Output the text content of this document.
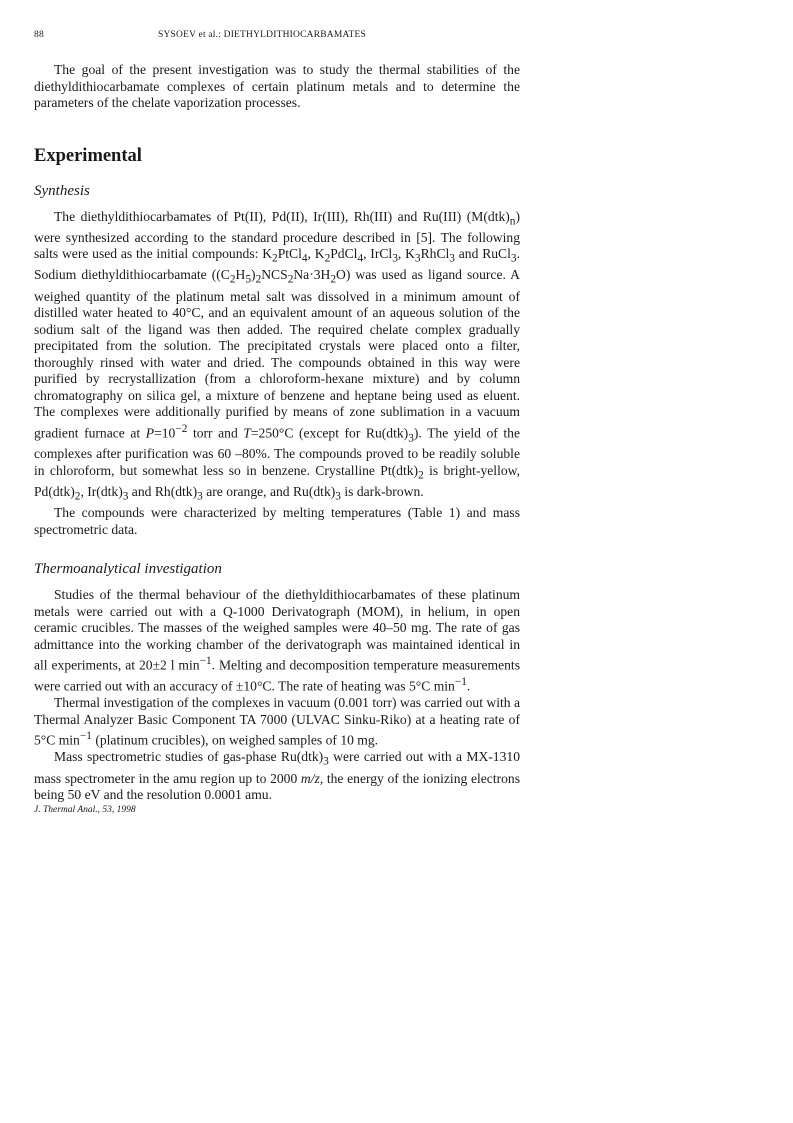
88	SYSOEV et al.: DIETHYLDITHIOCARBAMATES

The goal of the present investigation was to study the thermal stabilities of the diethyldithiocarbamate complexes of certain platinum metals and to determine the parameters of the chelate vaporization processes.

Experimental
Synthesis

The diethyldithiocarbamates of Pt(II), Pd(II), Ir(III), Rh(III) and Ru(III) $(M(dtk)_n)$ were synthesized according to the standard procedure described in [5]. The following salts were used as the initial compounds: $K_2PtCl_4$, $K_2PdCl_4$, IrCl$_3$, $K_3RhCl_3$ and RuCl$_3$. Sodium diethyldithiocarbamate $((C_2H_5)_2NCS_2Na\cdot 3H_2O)$ was used as ligand source. A weighed quantity of the platinum metal salt was dissolved in a minimum amount of distilled water heated to 40°C, and an equivalent amount of an aqueous solution of the sodium salt of the ligand was then added. The required chelate complex gradually precipitated from the solution. The precipitated crystals were placed onto a filter, thoroughly rinsed with water and dried. The compounds obtained in this way were purified by recrystallization (from a chloroform-hexane mixture) and by column chromatography on silica gel, a mixture of benzene and heptane being used as eluent. The complexes were additionally purified by means of zone sublimation in a vacuum gradient furnace at $P=10^{-2}$ torr and T=250°C (except for $Ru(dtk)_3$). The yield of the complexes after purification was 60 –80%. The compounds proved to be readily soluble in chloroform, but somewhat less so in benzene. Crystalline $Pt(dtk)_2$ is bright-yellow, $Pd(dtk)_2$, $Ir(dtk)_3$ and $Rh(dtk)_3$ are orange, and $Ru(dtk)_3$ is dark-brown.

The compounds were characterized by melting temperatures (Table 1) and mass spectrometric data.

Thermoanalytical investigation

Studies of the thermal behaviour of the diethyldithiocarbamates of these platinum metals were carried out with a Q-1000 Derivatograph (MOM), in helium, in open ceramic crucibles. The masses of the weighed samples were 40–50 mg. The rate of gas admittance into the working chamber of the derivatograph was maintained identical in all experiments, at 20±2 l $\min^{-1}$. Melting and decomposition temperature measurements were carried out with an accuracy of ±10°C. The rate of heating was 5°C $\min^{-1}$.

Thermal investigation of the complexes in vacuum (0.001 torr) was carried out with a Thermal Analyzer Basic Component TA 7000 (ULVAC Sinku-Riko) at a heating rate of 5°C $\min^{-1}$ (platinum crucibles), on weighed samples of 10 mg.

Mass spectrometric studies of gas-phase $Ru(dtk)_3$ were carried out with a MX-1310 mass spectrometer in the amu region up to 2000 m/z, the energy of the ionizing electrons being 50 eV and the resolution 0.0001 amu.

J. Thermal Anal., 53, 1998
